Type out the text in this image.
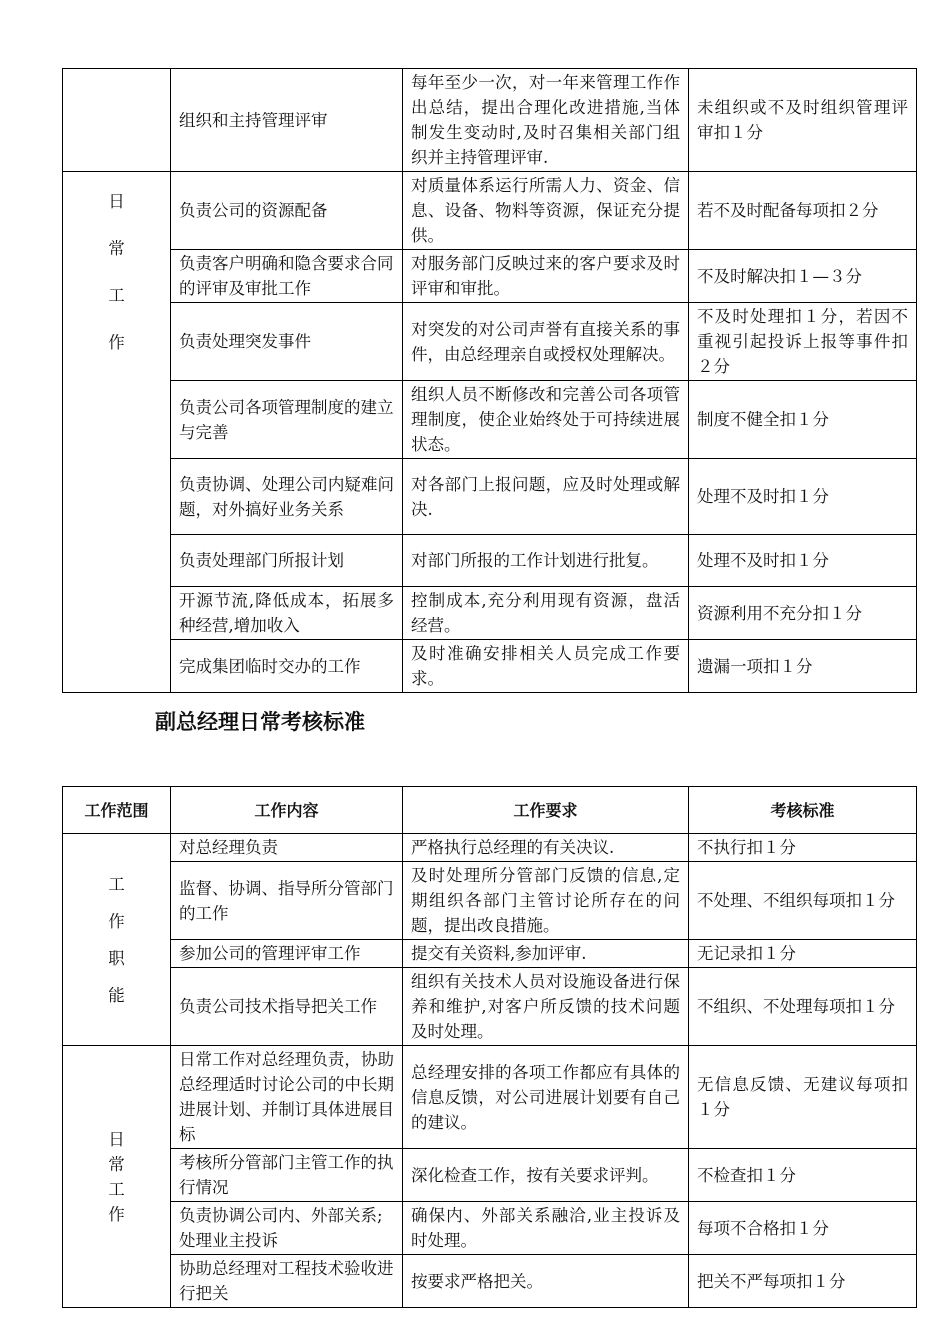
	组织和主持管理评审	每年至少一次，对一年来管理工作作出总结，提出合理化改进措施,当体制发生变动时,及时召集相关部门组织并主持管理评审.	未组织或不及时组织管理评审扣１分

日
常
工
作	负责公司的资源配备	对质量体系运行所需人力、资金、信息、设备、物料等资源，保证充分提供。	若不及时配备每项扣２分
	负责客户明确和隐含要求合同的评审及审批工作	对服务部门反映过来的客户要求及时评审和审批。	不及时解决扣１—３分
	负责处理突发事件	对突发的对公司声誉有直接关系的事件，由总经理亲自或授权处理解决。	不及时处理扣１分，若因不重视引起投诉上报等事件扣２分
	负责公司各项管理制度的建立与完善	组织人员不断修改和完善公司各项管理制度，使企业始终处于可持续进展状态。	制度不健全扣１分
	负责协调、处理公司内疑难问题，对外搞好业务关系	对各部门上报问题，应及时处理或解决.	处理不及时扣１分
	负责处理部门所报计划	对部门所报的工作计划进行批复。	处理不及时扣１分
	开源节流,降低成本，拓展多种经营,增加收入	控制成本,充分利用现有资源，盘活经营。	资源利用不充分扣１分
	完成集团临时交办的工作	及时准确安排相关人员完成工作要求。	遗漏一项扣１分
副总经理日常考核标准
工作范围	工作内容	工作要求	考核标准

工
作
职
能	对总经理负责	严格执行总经理的有关决议.	不执行扣１分
	监督、协调、指导所分管部门的工作	及时处理所分管部门反馈的信息,定期组织各部门主管讨论所存在的问题，提出改良措施。	不处理、不组织每项扣１分
	参加公司的管理评审工作	提交有关资料,参加评审.	无记录扣１分
	负责公司技术指导把关工作	组织有关技术人员对设施设备进行保养和维护,对客户所反馈的技术问题及时处理。	不组织、不处理每项扣１分

日
常
工
作	日常工作对总经理负责，协助总经理适时讨论公司的中长期进展计划、并制订具体进展目标	总经理安排的各项工作都应有具体的信息反馈，对公司进展计划要有自己的建议。	无信息反馈、无建议每项扣１分
	考核所分管部门主管工作的执行情况	深化检查工作，按有关要求评判。	不检查扣１分
	负责协调公司内、外部关系;处理业主投诉	确保内、外部关系融洽,业主投诉及时处理。	每项不合格扣１分
	协助总经理对工程技术验收进行把关	按要求严格把关。	把关不严每项扣１分
